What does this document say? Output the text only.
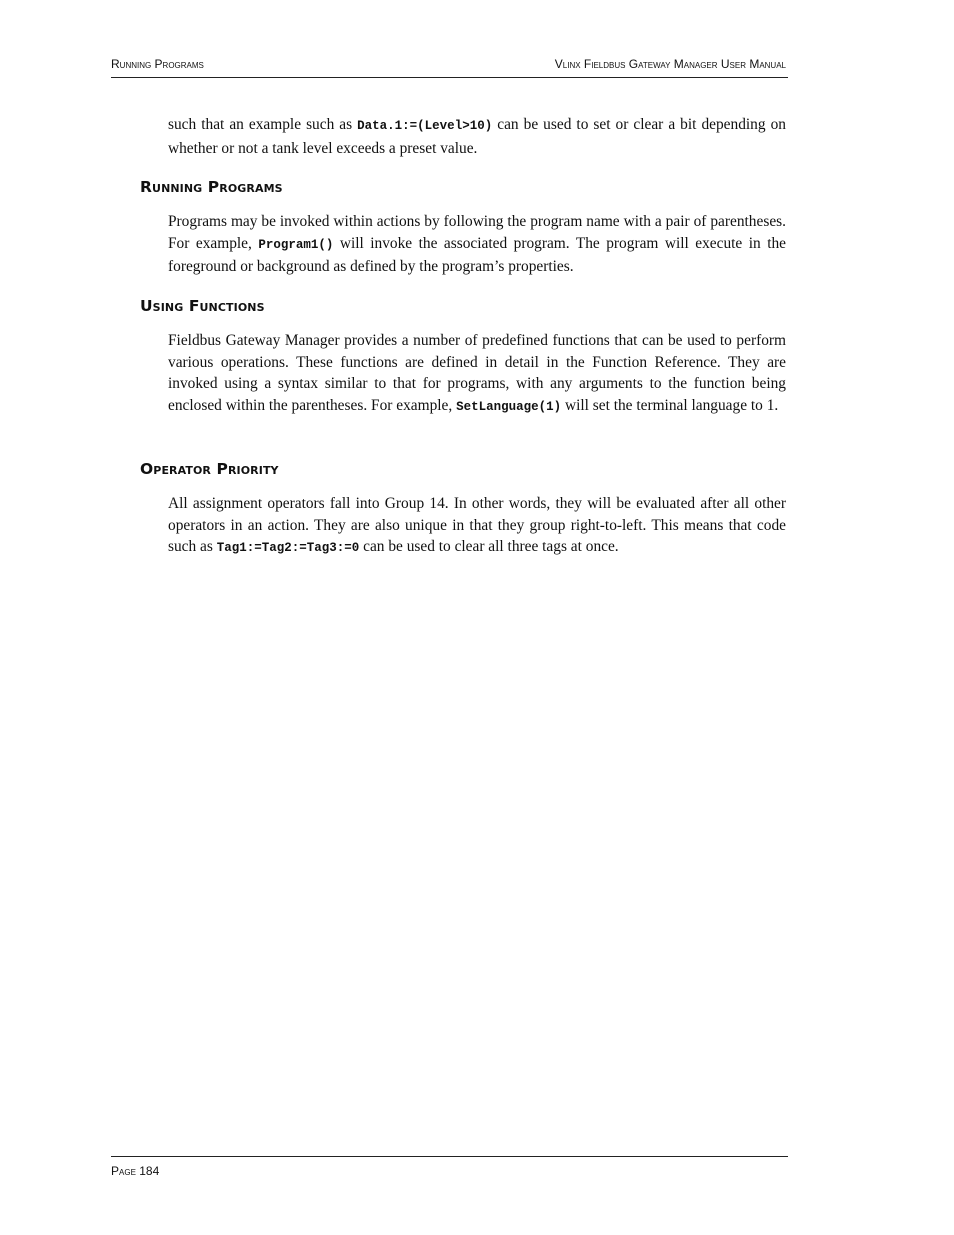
Running Programs	Vlinx Fieldbus Gateway Manager User Manual

such that an example such as Data.1:=(Level>10) can be used to set or clear a bit depending on whether or not a tank level exceeds a preset value.

Running Programs

Programs may be invoked within actions by following the program name with a pair of parentheses. For example, Program1() will invoke the associated program. The program will execute in the foreground or background as defined by the program’s properties.

Using Functions

Fieldbus Gateway Manager provides a number of predefined functions that can be used to perform various operations. These functions are defined in detail in the Function Reference. They are invoked using a syntax similar to that for programs, with any arguments to the function being enclosed within the parentheses. For example, SetLanguage(1) will set the terminal language to 1.

Operator Priority

All assignment operators fall into Group 14. In other words, they will be evaluated after all other operators in an action. They are also unique in that they group right-to-left. This means that code such as Tag1:=Tag2:=Tag3:=0 can be used to clear all three tags at once.

Page 184
